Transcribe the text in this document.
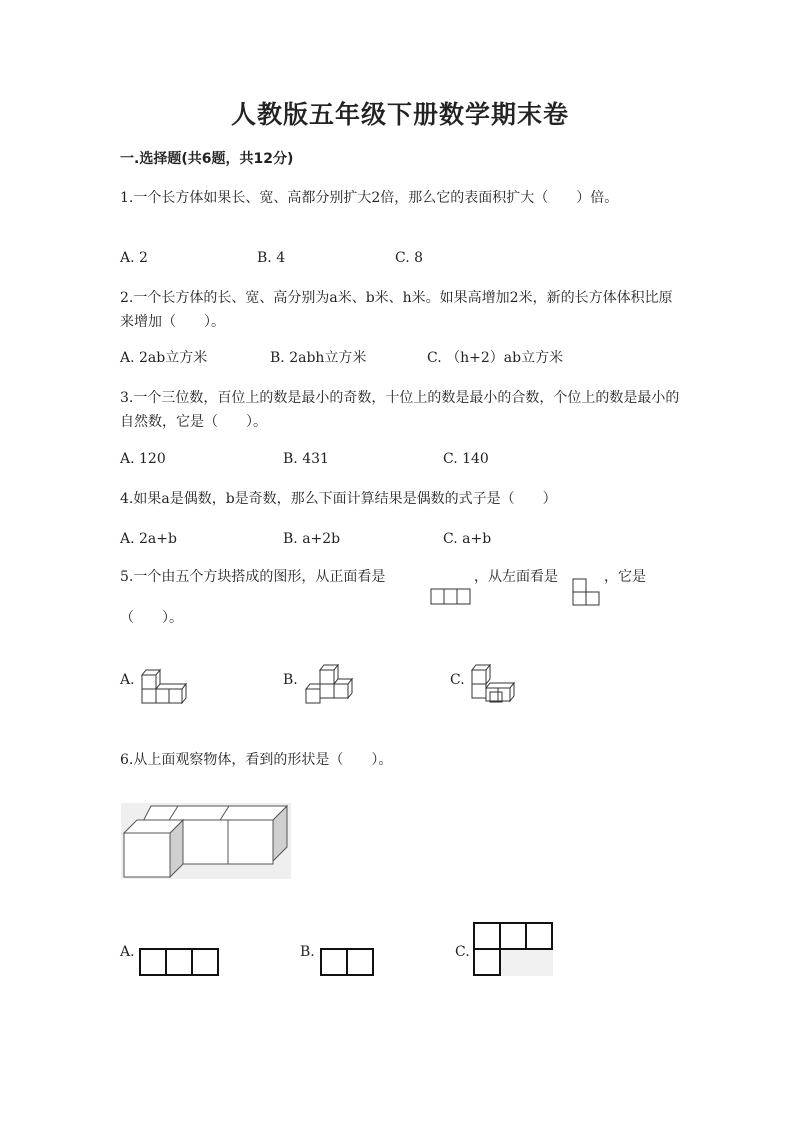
人教版五年级下册数学期末卷
一.选择题(共6题，共12分)
1.一个长方体如果长、宽、高都分别扩大2倍，那么它的表面积扩大（　　）倍。
A. 2	B. 4	C. 8
2.一个长方体的长、宽、高分别为a米、b米、h米。如果高增加2米，新的长方体体积比原来增加（　　）。
A. 2ab立方米	B. 2abh立方米	C. （h+2）ab立方米
3.一个三位数，百位上的数是最小的奇数，十位上的数是最小的合数，个位上的数是最小的自然数，它是（　　）。
A. 120	B. 431	C. 140
4.如果a是偶数，b是奇数，那么下面计算结果是偶数的式子是（　　）
A. 2a+b	B. a+2b	C. a+b
5.一个由五个方块搭成的图形，从正面看是	，从左面看是	，它是
（　　）。
A.	B.	C.
6.从上面观察物体，看到的形状是（　　）。
A.	B.	C.
